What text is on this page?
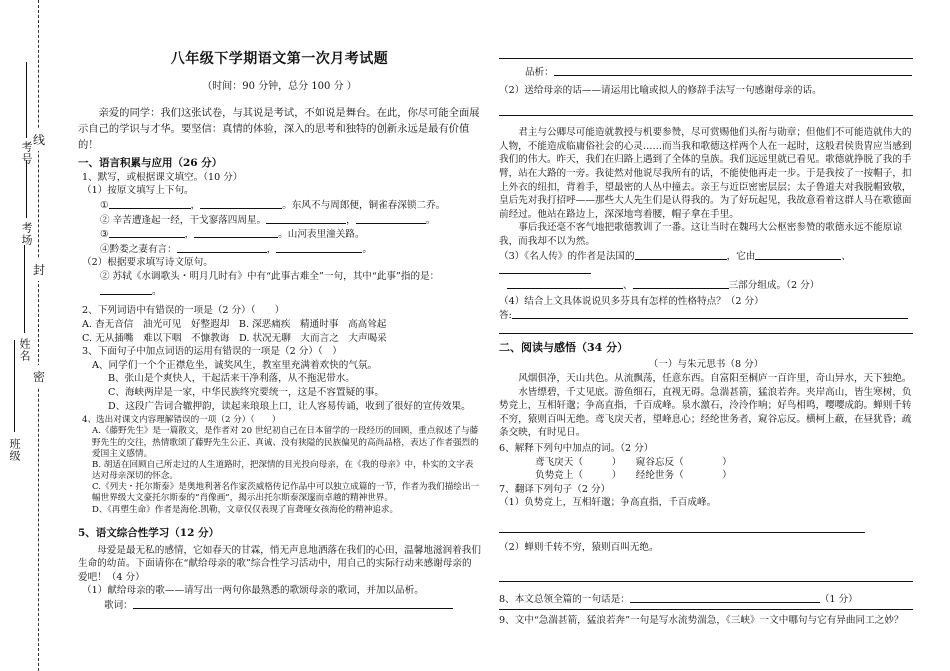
班级
姓名
考场
考号
线
封
密

八年级下学期语文第一次月考试题

（时间：90 分钟，总分 100 分 ）

亲爱的同学：我们这张试卷，与其说是考试，不如说是舞台。在此，你尽可能全面展示自己的学识与才华。要坚信：真情的体验，深入的思考和独特的创新永远是最有价值的！

一、语言积累与应用（26 分）

1、默写，或根据课文填空。（10 分）

（1）按原文填写上下句。

①	，	。东风不与周郎便，铜雀春深锁二乔。

② 辛苦遭逢起一经，干戈寥落四周星。	，	。

③	，	。山河表里潼关路。

④黔娄之妻有言：	，	。

（2）根据要求填写诗文原句。

② 苏轼《水调歌头・明月几时有》中有“此事古难全”一句，其中“此事”指的是：。

2、下列词语中有错误的一项是（2 分）（　　）

A. 杳无音信　油光可见　好整遐却　B. 深恶痛疾　精通时事　高高耸起

C. 无从插嘴　难以下咽　不慷教诲　D. 状况无聊　大而言之　大声喝采

3、下面句子中加点词语的运用有错误的一项是（2 分）（　）

A、同学们一个个正襟危坐，诚奖风生，教室里充满着欢快的气氛。

B、张山是个爽快人，干起活来干净利落，从不拖泥带水。

C、海峡两岸是一家，中华民族终究要统一，这是不容置疑的事。

D、这段广告词合辙押韵，读起来琅琅上口，让人容易传诵，收到了很好的宣传效果。

4、选出对课文内容理解错误的一项（2 分）（　　）

A.《藤野先生》是一篇散文，是作者对 20 世纪初自己在日本留学的一段经历的回顾，重点叙述了与藤野先生的交往，热情歌颂了藤野先生公正、真诚、没有狭隘的民族偏见的高尚品格，表达了作者强烈的爱国主义感情。

B. 胡适在回顾自己所走过的人生道路时，把深情的目光投向母亲，在《我的母亲》中，朴实的文字表达对母亲深切的怀念。

C.《列夫・托尔斯泰》是奥地利著名作家茨威格传记作品中可以独立成篇的一节，作者为我们描绘出一幅世界级大文豪托尔斯泰的“肖像画”，揭示出托尔斯泰深邃而卓越的精神世界。

D、《再塑生命》作者是海伦.凯勒，文章仅仅表现了盲聋哑女孩海伦的精神追求。

5、语文综合性学习（12 分）

母爱是最无私的感情，它如春天的甘霖，悄无声息地洒落在我们的心田，温馨地滋润着我们生命的幼苗。下面请你在“献给母亲的歌”综合性学习活动中，用自己的实际行动来感谢母亲的爱吧！（4 分）

（1）献给母亲的歌——请写出一两句你最熟悉的歌颂母亲的歌词，并加以品析。

歌词：

品析：

（2）送给母亲的话——请运用比喻或拟人的修辞手法写一句感谢母亲的话。

君主与公卿尽可能造就教授与机要参赞，尽可赏赐他们头衔与勋章；但他们不可能造就伟大的人物，不能造成临庸俗社会的心灵……而当我和歌德这样两个人在一起时，这般君侯贵胄应当感到我们的伟大。昨天，我们在归路上遇到了全体的皇族。我们远远里就已看见。歌德就挣脱了我的手臂，站在大路的一旁。我徒然对他说尽我所有的话，不能使他再走一步。于是我按了一按帽子，扣上外衣的纽扣，背着手，望最密的人丛中撞去。亲王与近臣密密层层；太子鲁道夫对我脱帽致敬，皇后先对我打招呼——那些大人先生们是认得我的。为了好玩起见，我故意看着这群人马在歌德面前经过。他站在路边上，深深地弯着腰，帽子拿在手里。

事后我还毫不客气地把歌德教训了一番。这让当时在魏玛大公枢密参赞的歌德永远不能原谅我，而我却不以为然。

（3）《名人传》的作者是法国的	，它由	、

、	三部分组成。（2 分）

（4）结合上文具体说说贝多芬具有怎样的性格特点？（2 分）

答:

二、阅读与感悟（34 分）

（一）与朱元思书（8 分）

风烟俱净，天山共色。从流飘荡，任意东西。自富阳至桐庐一百许里，奇山异水，天下独绝。

水皆缥碧，千丈见底。游鱼细石，直视无碍。急湍甚箭，猛浪若奔。夹岸高山，皆生寒树，负势竞上，互相轩邈；争高直指，千百成峰。泉水激石，泠泠作响；好鸟相鸣，嘤嘤成韵。蝉则千转不穷，猿则百叫无绝。鸢飞戾天者，望峰息心；经纶世务者，窥谷忘反。横柯上蔽，在昼犹昏；疏条交映，有时见日。

6、解释下列句中加点的词。（2 分）

鸢飞戾天（　　　）　　窥谷忘反（　　　　）

负势竞上（　　　）　　经纶世务（　　　　）

7、翻译下列句子（2 分）

（1）负势竞上，互相轩邈；争高直指，千百成峰。

（2）蝉则千转不穷，猿则百叫无绝。

8、本文总领全篇的一句话是：	（1 分）

9、文中“急湍甚箭，猛浪若奔”一句是写水流势湍急，《三峡》一文中哪句与它有异曲同工之妙？
